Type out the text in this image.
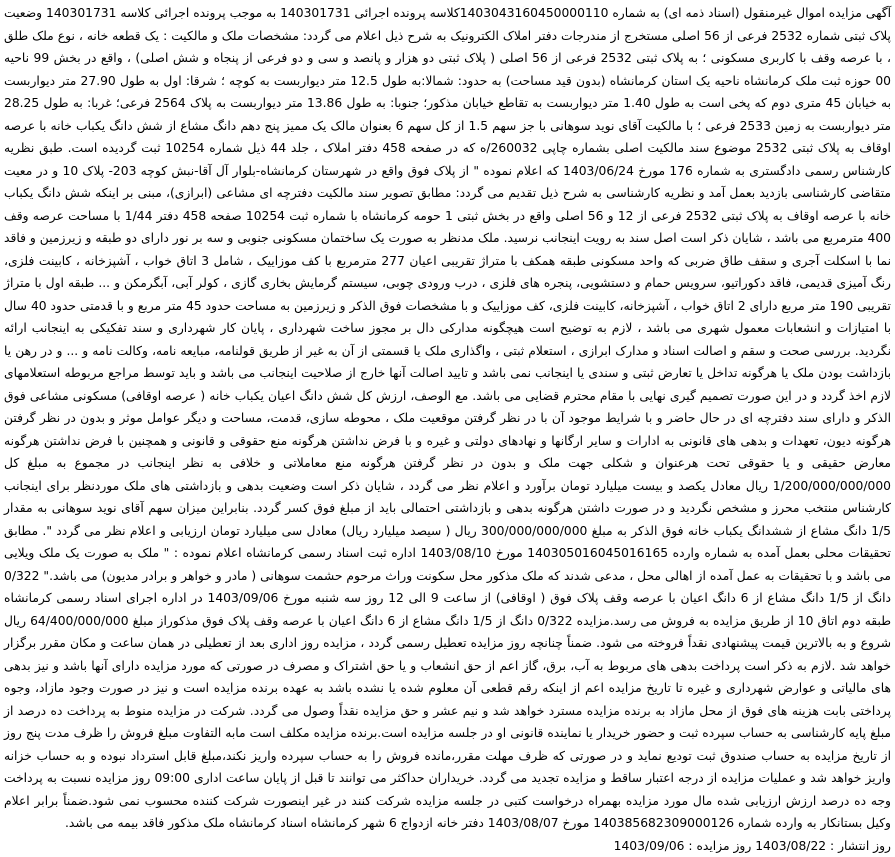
آگهی مزایده اموال غیرمنقول (اسناد ذمه ای) به شماره 1403043160450000110کلاسه پرونده اجرائی 140301731 به موجب پرونده اجرائی کلاسه 140301731 وضعیت پلاک ثبتی شماره 2532 فرعی از 56 اصلی مستخرج از مندرجات دفتر املاک الکترونیک به شرح ذیل اعلام می گردد: مشخصات ملک و مالکیت : یک قطعه خانه ، نوع ملک طلق ، با عرصه وقف با کاربری مسکونی ؛ به پلاک ثبتی 2532 فرعی از 56 اصلی ( پلاک ثبتی دو هزار و پانصد و سی و دو فرعی از پنجاه و شش اصلی) ، واقع در بخش 99 ناحیه 00 حوزه ثبت ملک کرمانشاه ناحیه یک استان کرمانشاه (بدون قید مساحت) به حدود: شمالا:به طول 12.5 متر دیواربست به کوچه ؛ شرقا: اول به طول 27.90 متر دیواربست به خیابان 45 متری دوم که پخی است به طول 1.40 متر دیواربست به تقاطع خیابان مذکور؛ جنوبا: به طول 13.86 متر دیواربست به پلاک 2564 فرعی؛ غربا: به طول 28.25 متر دیواربست به زمین 2533 فرعی ؛ با مالکیت آقای نوید سوهانی با جز سهم 1.5 از کل سهم 6 بعنوان مالک یک ممیز پنج دهم دانگ مشاع از شش دانگ یکباب خانه با عرصه اوقاف به پلاک ثبتی 2532 موضوع سند مالکیت اصلی بشماره چاپی 260032/ه که در صفحه 458 دفتر املاک ، جلد 44 ذیل شماره 10254 ثبت گردیده است. طبق نظریه کارشناس رسمی دادگستری به شماره 176 مورخ 1403/06/24 که اعلام نموده " از پلاک فوق واقع در شهرستان کرمانشاه-بلوار آل آقا-نبش کوچه 203- پلاک 10 و در معیت متقاضی کارشناسی بازدید بعمل آمد و نظریه کارشناسی به شرح ذیل تقدیم می گردد: مطابق تصویر سند مالکیت دفترچه ای مشاعی (ابرازی)، مبنی بر اینکه شش دانگ یکباب خانه با عرصه اوقاف به پلاک ثبتی 2532 فرعی از 12 و 56 اصلی واقع در بخش ثبتی 1 حومه کرمانشاه با شماره ثبت 10254 صفحه 458 دفتر 1/44 با مساحت عرصه وقف 400 مترمربع می باشد ، شایان ذکر است اصل سند به رویت اینجانب نرسید. ملک مدنظر به صورت یک ساختمان مسکونی جنوبی و سه بر نور دارای دو طبقه و زیرزمین و فاقد نما با اسکلت آجری و سقف طاق ضربی که واحد مسکونی طبقه همکف با متراژ تقریبی اعیان 277 مترمربع با کف موزاییک ، شامل 3 اتاق خواب ، آشپزخانه ، کابینت فلزی، رنگ آمیزی قدیمی، فاقد دکوراتیو، سرویس حمام و دستشویی، پنجره های فلزی ، درب ورودی چوبی، سیستم گرمایش بخاری گازی ، کولر آبی، آبگرمکن و ... طبقه اول با متراژ تقریبی 190 متر مربع دارای 2 اتاق خواب ، آشپزخانه، کابینت فلزی، کف موزاییک و با مشخصات فوق الذکر و زیرزمین به مساحت حدود 45 متر مربع و با قدمتی حدود 40 سال با امتیازات و انشعابات معمول شهری می باشد ، لازم به توضیح است هیچگونه مدارکی دال بر مجوز ساخت شهرداری ، پایان کار شهرداری و سند تفکیکی به اینجانب ارائه نگردید. بررسی صحت و سقم و اصالت اسناد و مدارک ابرازی ، استعلام ثبتی ، واگذاری ملک یا قسمتی از آن به غیر از طریق قولنامه، مبایعه نامه، وکالت نامه و ... و در رهن یا بازداشت بودن ملک یا هرگونه تداخل یا تعارض ثبتی و سندی یا اینجانب نمی باشد و تایید اصالت آنها خارج از صلاحیت اینجانب می باشد و باید توسط مراجع مربوطه استعلامهای لازم اخذ گردد و در این صورت تصمیم گیری نهایی با مقام محترم قضایی می باشد. مع الوصف، ارزش کل شش دانگ اعیان یکباب خانه ( عرصه اوقافی) مسکونی مشاعی فوق الذکر و دارای سند دفترچه ای در حال حاضر و با شرایط موجود آن با در نظر گرفتن موقعیت ملک ، محوطه سازی، قدمت، مساحت و دیگر عوامل موثر و بدون در نظر گرفتن هرگونه دیون، تعهدات و بدهی های قانونی به ادارات و سایر ارگانها و نهادهای دولتی و غیره و با فرض نداشتن هرگونه منع حقوقی و قانونی و همچنین با فرض نداشتن هرگونه معارض حقیقی و یا حقوقی تحت هرعنوان و شکلی جهت ملک و بدون در نظر گرفتن هرگونه منع معاملاتی و خلافی به نظر اینجانب در مجموع به مبلغ کل 1/200/000/000/000 ریال معادل یکصد و بیست میلیارد تومان برآورد و اعلام نظر می گردد ، شایان ذکر است وضعیت بدهی و بازداشتی های ملک موردنظر برای اینجانب کارشناس منتخب محرز و مشخص نگردید و در صورت داشتن هرگونه بدهی و بازداشتی احتمالی باید از مبلغ فوق کسر گردد. بنابراین میزان سهم آقای نوید سوهانی به مقدار 1/5 دانگ مشاع از ششدانگ یکباب خانه فوق الذکر به مبلغ 300/000/000/000 ریال ( سیصد میلیارد ریال) معادل سی میلیارد تومان ارزیابی و اعلام نظر می گردد ". مطابق تحقیقات محلی بعمل آمده به شماره وارده 140305016045016165 مورخ 1403/08/10 اداره ثبت اسناد رسمی کرمانشاه اعلام نموده : " ملک به صورت یک ملک ویلایی می باشد و با تحقیقات به عمل آمده از اهالی محل ، مدعی شدند که ملک مذکور محل سکونت وراث مرحوم حشمت سوهانی ( مادر و خواهر و برادر مدیون) می باشد." 0/322 دانگ از 1/5 دانگ مشاع از 6 دانگ اعیان با عرصه وقف پلاک فوق ( اوقافی) از ساعت 9 الی 12 روز سه شنبه مورخ 1403/09/06 در اداره اجرای اسناد رسمی کرمانشاه طبقه دوم اتاق 10 از طریق مزایده به فروش می رسد.مزایده 0/322 دانگ از 1/5 دانگ مشاع از 6 دانگ اعیان با عرصه وقف پلاک فوق مذکوراز مبلغ 64/400/000/000 ریال شروع و به بالاترین قیمت پیشنهادی نقداً فروخته می شود. ضمناً چنانچه روز مزایده تعطیل رسمی گردد ، مزایده روز اداری بعد از تعطیلی در همان ساعت و مکان مقرر برگزار خواهد شد .لازم به ذکر است پرداخت بدهی های مربوط به آب، برق، گاز اعم از حق انشعاب و یا حق اشتراک و مصرف در صورتی که مورد مزایده دارای آنها باشد و نیز بدهی های مالیاتی و عوارض شهرداری و غیره تا تاریخ مزایده اعم از اینکه رقم قطعی آن معلوم شده یا نشده باشد به عهده برنده مزایده است و نیز در صورت وجود مازاد، وجوه پرداختی بابت هزینه های فوق از محل مازاد به برنده مزایده مسترد خواهد شد و نیم عشر و حق مزایده نقداً وصول می گردد. شرکت در مزایده منوط به پرداخت ده درصد از مبلغ پایه کارشناسی به حساب سپرده ثبت و حضور خریدار یا نماینده قانونی او در جلسه مزایده است.برنده مزایده مکلف است مابه التفاوت مبلغ فروش را ظرف مدت پنج روز از تاریخ مزایده به حساب صندوق ثبت تودیع نماید و در صورتی که ظرف مهلت مقرر،مانده فروش را به حساب سپرده واریز نکند،مبلغ قابل استرداد نبوده و به حساب خزانه واریز خواهد شد و عملیات مزایده از درجه اعتبار ساقط و مزایده تجدید می گردد. خریداران حداکثر می توانند تا قبل از پایان ساعت اداری 09:00 روز مزایده نسبت به پرداخت وجه ده درصد ارزش ارزیابی شده مال مورد مزایده بهمراه درخواست کتبی در جلسه مزایده شرکت کنند در غیر اینصورت شرکت کننده محسوب نمی شود.ضمناً برابر اعلام وکیل بستانکار به وارده شماره 140385682309000126 مورخ 1403/08/07 دفتر خانه ازدواج 6 شهر کرمانشاه اسناد کرمانشاه ملک مذکور فاقد بیمه می باشد.

روز انتشار : 1403/08/22 روز مزایده : 1403/09/06
